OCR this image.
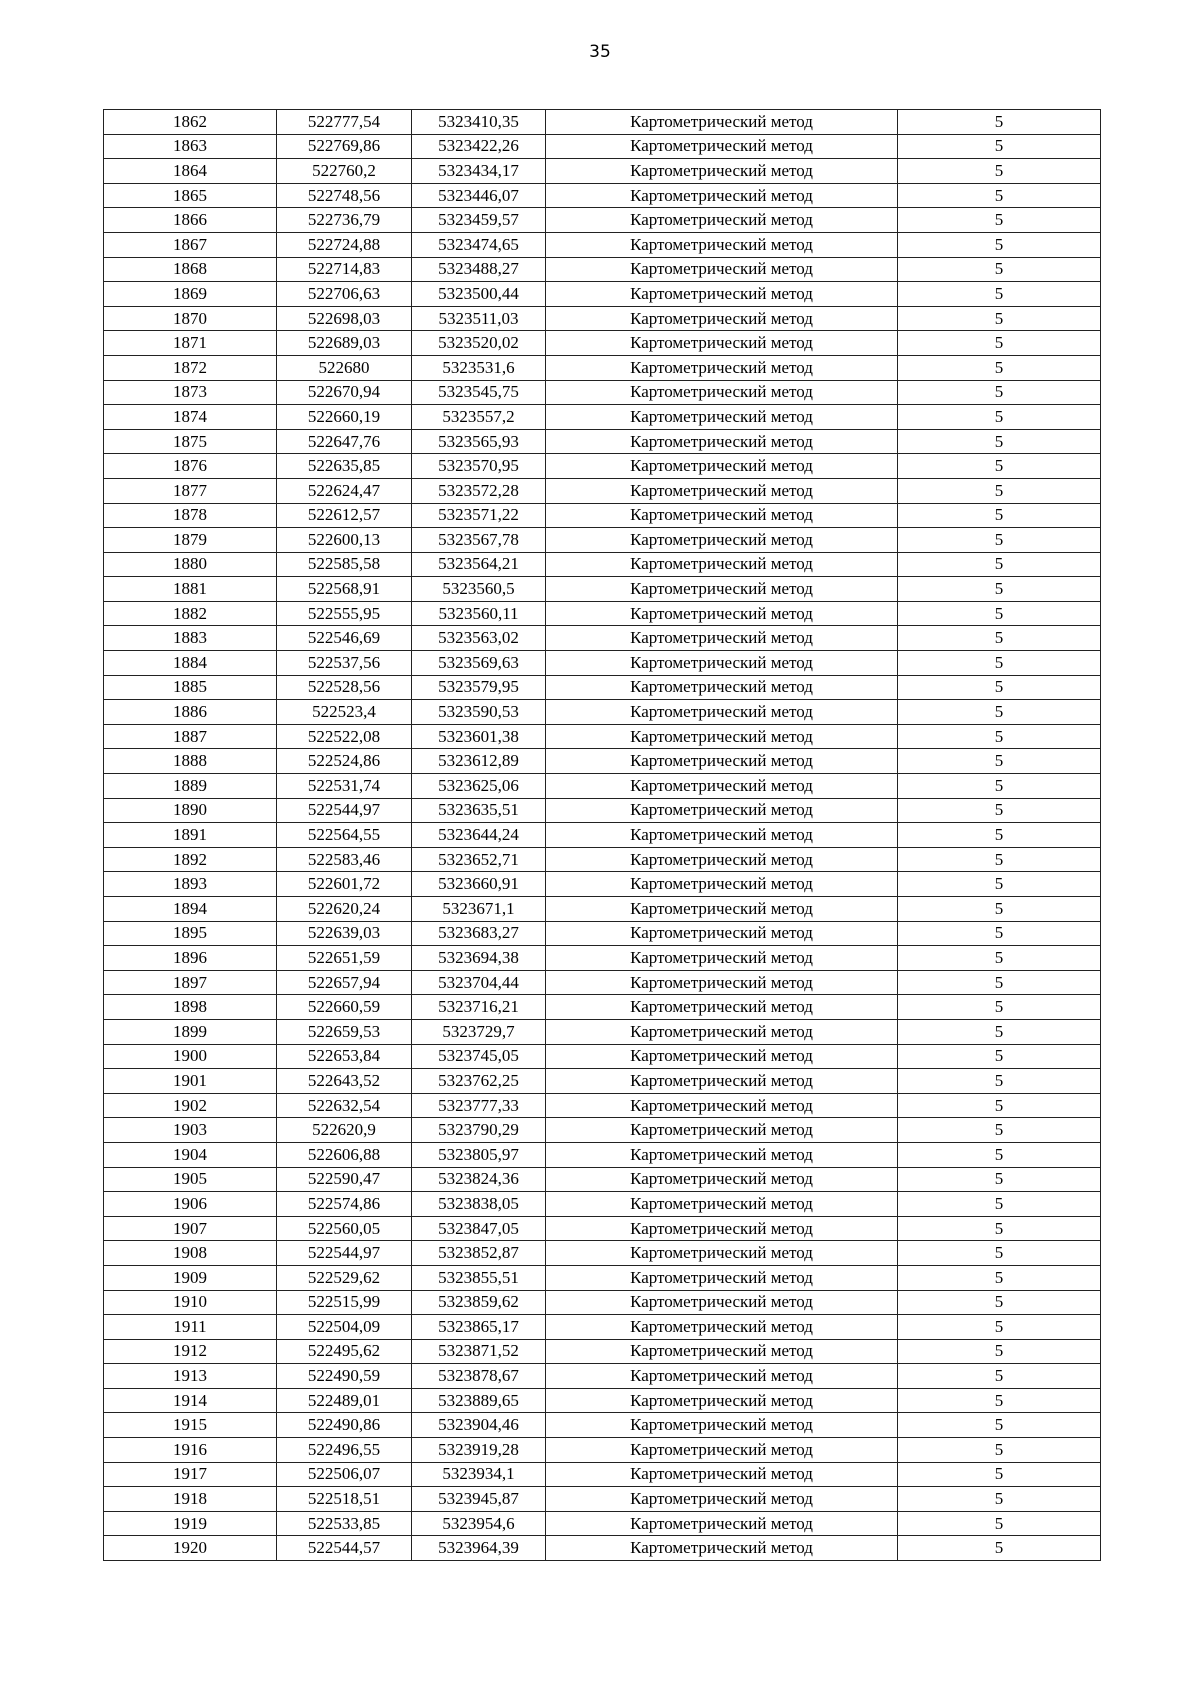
35
1862	522777,54	5323410,35	Картометрический метод	5
1863	522769,86	5323422,26	Картометрический метод	5
1864	522760,2	5323434,17	Картометрический метод	5
1865	522748,56	5323446,07	Картометрический метод	5
1866	522736,79	5323459,57	Картометрический метод	5
1867	522724,88	5323474,65	Картометрический метод	5
1868	522714,83	5323488,27	Картометрический метод	5
1869	522706,63	5323500,44	Картометрический метод	5
1870	522698,03	5323511,03	Картометрический метод	5
1871	522689,03	5323520,02	Картометрический метод	5
1872	522680	5323531,6	Картометрический метод	5
1873	522670,94	5323545,75	Картометрический метод	5
1874	522660,19	5323557,2	Картометрический метод	5
1875	522647,76	5323565,93	Картометрический метод	5
1876	522635,85	5323570,95	Картометрический метод	5
1877	522624,47	5323572,28	Картометрический метод	5
1878	522612,57	5323571,22	Картометрический метод	5
1879	522600,13	5323567,78	Картометрический метод	5
1880	522585,58	5323564,21	Картометрический метод	5
1881	522568,91	5323560,5	Картометрический метод	5
1882	522555,95	5323560,11	Картометрический метод	5
1883	522546,69	5323563,02	Картометрический метод	5
1884	522537,56	5323569,63	Картометрический метод	5
1885	522528,56	5323579,95	Картометрический метод	5
1886	522523,4	5323590,53	Картометрический метод	5
1887	522522,08	5323601,38	Картометрический метод	5
1888	522524,86	5323612,89	Картометрический метод	5
1889	522531,74	5323625,06	Картометрический метод	5
1890	522544,97	5323635,51	Картометрический метод	5
1891	522564,55	5323644,24	Картометрический метод	5
1892	522583,46	5323652,71	Картометрический метод	5
1893	522601,72	5323660,91	Картометрический метод	5
1894	522620,24	5323671,1	Картометрический метод	5
1895	522639,03	5323683,27	Картометрический метод	5
1896	522651,59	5323694,38	Картометрический метод	5
1897	522657,94	5323704,44	Картометрический метод	5
1898	522660,59	5323716,21	Картометрический метод	5
1899	522659,53	5323729,7	Картометрический метод	5
1900	522653,84	5323745,05	Картометрический метод	5
1901	522643,52	5323762,25	Картометрический метод	5
1902	522632,54	5323777,33	Картометрический метод	5
1903	522620,9	5323790,29	Картометрический метод	5
1904	522606,88	5323805,97	Картометрический метод	5
1905	522590,47	5323824,36	Картометрический метод	5
1906	522574,86	5323838,05	Картометрический метод	5
1907	522560,05	5323847,05	Картометрический метод	5
1908	522544,97	5323852,87	Картометрический метод	5
1909	522529,62	5323855,51	Картометрический метод	5
1910	522515,99	5323859,62	Картометрический метод	5
1911	522504,09	5323865,17	Картометрический метод	5
1912	522495,62	5323871,52	Картометрический метод	5
1913	522490,59	5323878,67	Картометрический метод	5
1914	522489,01	5323889,65	Картометрический метод	5
1915	522490,86	5323904,46	Картометрический метод	5
1916	522496,55	5323919,28	Картометрический метод	5
1917	522506,07	5323934,1	Картометрический метод	5
1918	522518,51	5323945,87	Картометрический метод	5
1919	522533,85	5323954,6	Картометрический метод	5
1920	522544,57	5323964,39	Картометрический метод	5
